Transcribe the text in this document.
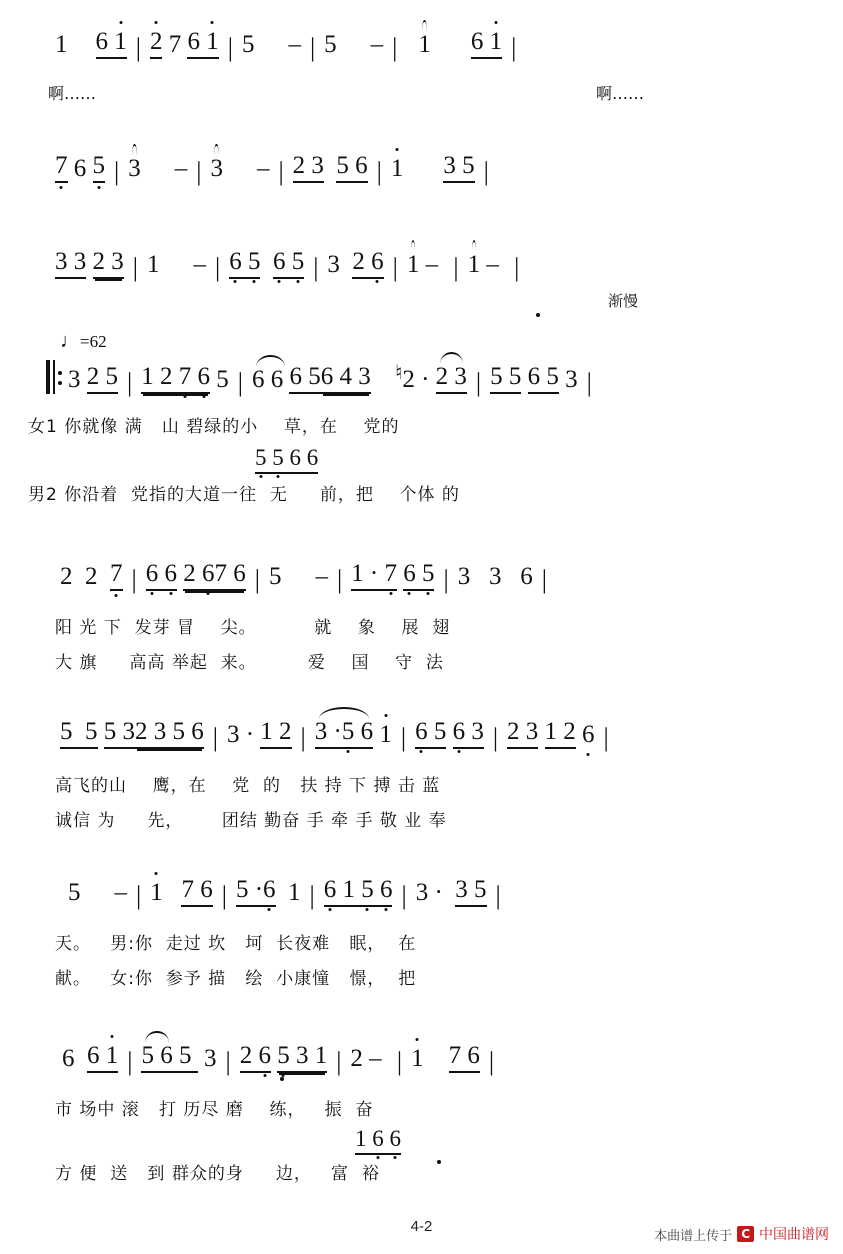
1 6 1 | 2 7 6 1 | 5 – | 5 – | 1 6 1 |
啊……	啊……
7 6 5 | 3 – | 3 – | 2 3
5 6 | 1 3 5 |
3 3
2 3 | 1 – | 6 5
6 5 | 3
2 6 | 1 – | 1 – |
渐慢
♩=62

3
2 5 | 1 2 7 6 5 | 6 6 6 5 6 4 3
♮ 2 · 2 3 | 5 5
6 5 3 |
女1 你就像 满   山 碧绿的小    草，在    党的
5 5 6 6
男2 你沿着  党指的大道一往  无     前，把    个体 的
2 2 7 | 6 6
2 67 6 | 5 – | 1 · 7
6 5 | 3 3 6 |
阳 光 下  发芽 冒    尖。         就    象    展  翅
大 旗     高高 举起  来。        爱    国    守  法
5  5
5 3 2 3 5 6 | 3 · 1 2 | 3 ·5 6
1 | 6 5
6 3 | 2 3
1 2 6 |
高飞的山    鹰，在    党  的   扶 持 下 搏 击 蓝
诚信 为     先，      团结 勤奋 手 牵 手 敬 业 奉
5 – | 1
7 6 | 5 ·6 1 | 6 1 5 6 | 3 · 3 5 |
天。   男:你  走过 坎   坷  长夜难   眠，  在
献。   女:你  参予 描   绘  小康憧   憬，  把
6
6 1 | 5 6 5 3 | 2 6
5 3 1 | 2 – | 1
7 6 |
市 场中 滚   打 历尽 磨    练，   振  奋
1 6 6
方 便  送   到 群众的身     边，   富  裕
4-2
本曲谱上传于 C 中国曲谱网
